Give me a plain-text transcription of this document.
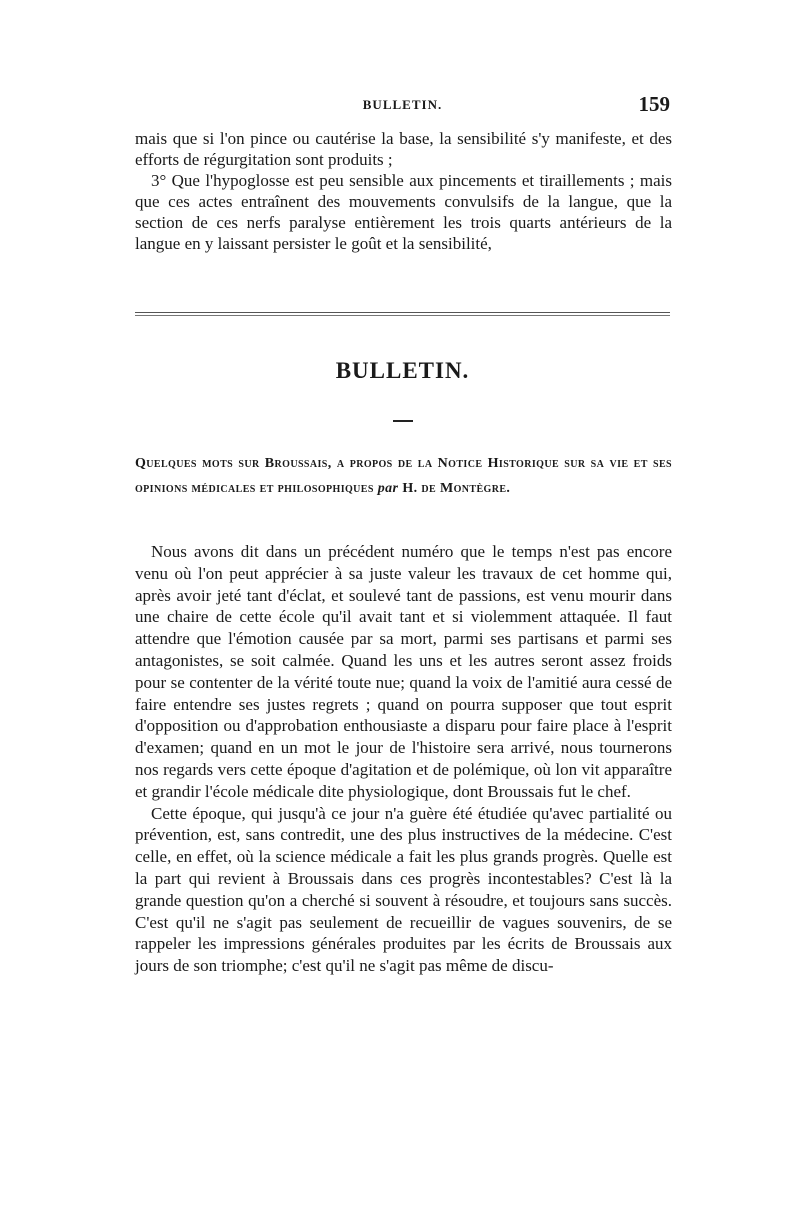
BULLETIN.	159

mais que si l'on pince ou cautérise la base, la sensibilité s'y manifeste, et des efforts de régurgitation sont produits ;

3° Que l'hypoglosse est peu sensible aux pincements et tiraillements ; mais que ces actes entraînent des mouvements convulsifs de la langue, que la section de ces nerfs paralyse entièrement les trois quarts antérieurs de la langue en y laissant persister le goût et la sensibilité,

BULLETIN.
Quelques mots sur Broussais, a propos de la Notice Historique sur sa vie et ses opinions médicales et philosophiques par H. de Montègre.

Nous avons dit dans un précédent numéro que le temps n'est pas encore venu où l'on peut apprécier à sa juste valeur les travaux de cet homme qui, après avoir jeté tant d'éclat, et soulevé tant de passions, est venu mourir dans une chaire de cette école qu'il avait tant et si violemment attaquée. Il faut attendre que l'émotion causée par sa mort, parmi ses partisans et parmi ses antagonistes, se soit calmée. Quand les uns et les autres seront assez froids pour se contenter de la vérité toute nue; quand la voix de l'amitié aura cessé de faire entendre ses justes regrets ; quand on pourra supposer que tout esprit d'opposition ou d'approbation enthousiaste a disparu pour faire place à l'esprit d'examen; quand en un mot le jour de l'histoire sera arrivé, nous tournerons nos regards vers cette époque d'agitation et de polémique, où lon vit apparaître et grandir l'école médicale dite physiologique, dont Broussais fut le chef.

Cette époque, qui jusqu'à ce jour n'a guère été étudiée qu'avec partialité ou prévention, est, sans contredit, une des plus instructives de la médecine. C'est celle, en effet, où la science médicale a fait les plus grands progrès. Quelle est la part qui revient à Broussais dans ces progrès incontestables? C'est là la grande question qu'on a cherché si souvent à résoudre, et toujours sans succès. C'est qu'il ne s'agit pas seulement de recueillir de vagues souvenirs, de se rappeler les impressions générales produites par les écrits de Broussais aux jours de son triomphe; c'est qu'il ne s'agit pas même de discu-
